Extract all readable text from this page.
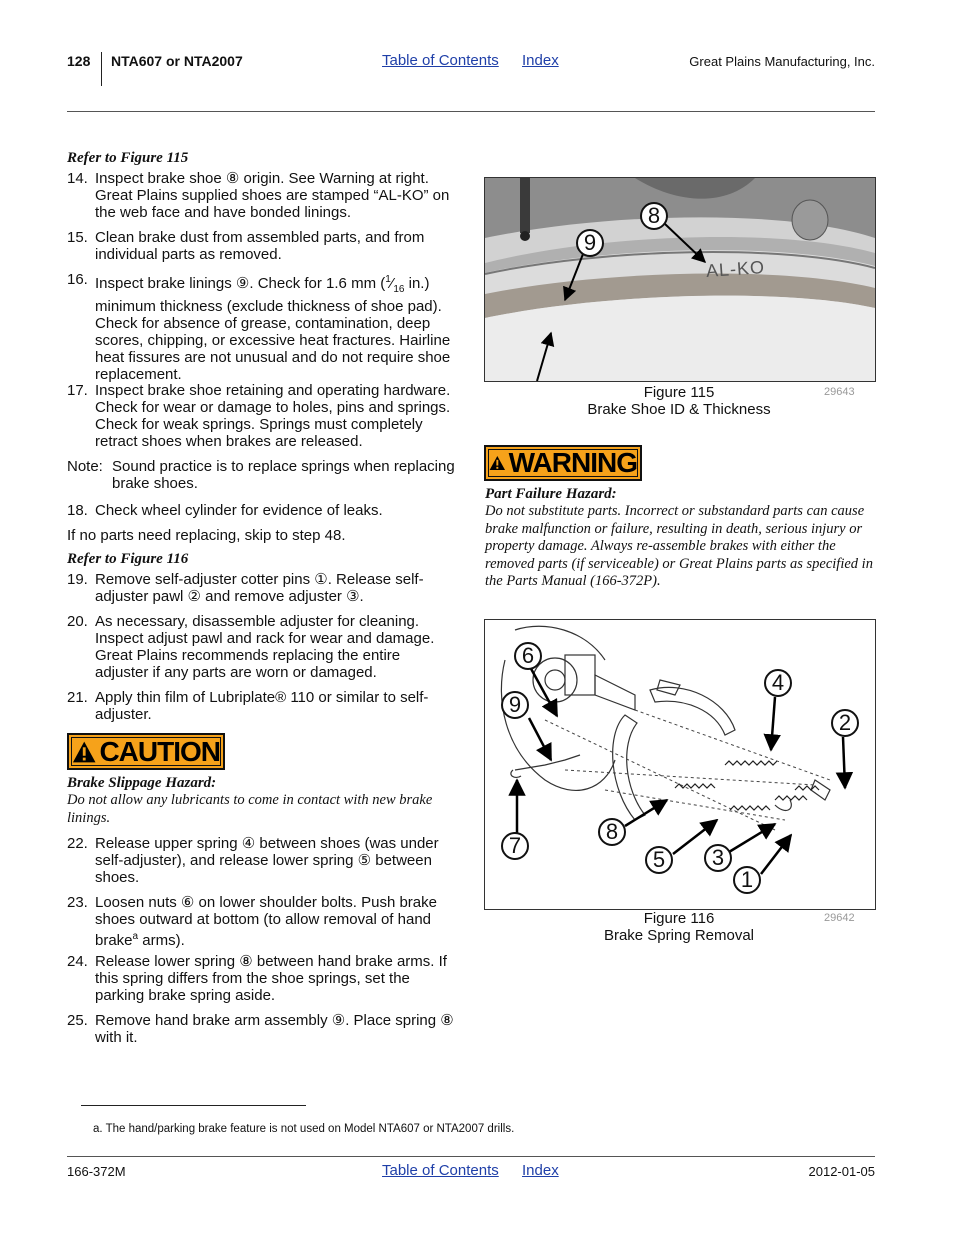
128 NTA607 or NTA2007	Table of Contents Index	Great Plains Manufacturing, Inc.
Refer to Figure 115
14. Inspect brake shoe ⑧ origin. See Warning at right. Great Plains supplied shoes are stamped “AL-KO” on the web face and have bonded linings.
15. Clean brake dust from assembled parts, and from individual parts as removed.
16. Inspect brake linings ⑨. Check for 1.6 mm ($^1⁄_{16}$ in.) minimum thickness (exclude thickness of shoe pad). Check for absence of grease, contamination, deep scores, chipping, or excessive heat fractures. Hairline heat fissures are not unusual and do not require shoe replacement.
17. Inspect brake shoe retaining and operating hardware. Check for wear or damage to holes, pins and springs. Check for weak springs. Springs must completely retract shoes when brakes are released.
Note: Sound practice is to replace springs when replacing brake shoes.
18. Check wheel cylinder for evidence of leaks.
If no parts need replacing, skip to step 48.
Refer to Figure 116
19. Remove self-adjuster cotter pins ①. Release self-adjuster pawl ② and remove adjuster ③.
20. As necessary, disassemble adjuster for cleaning. Inspect adjust pawl and rack for wear and damage. Great Plains recommends replacing the entire adjuster if any parts are worn or damaged.
21. Apply thin film of Lubriplate® 110 or similar to self-adjuster.
CAUTION
Brake Slippage Hazard:
Do not allow any lubricants to come in contact with new brake linings.
22. Release upper spring ④ between shoes (was under self-adjuster), and release lower spring ⑤ between shoes.
23. Loosen nuts ⑥ on lower shoulder bolts. Push brake shoes outward at bottom (to allow removal of hand brake$^a$ arms).
24. Release lower spring ⑧ between hand brake arms. If this spring differs from the shoe springs, set the parking brake spring aside.
25. Remove hand brake arm assembly ⑨. Place spring ⑧ with it.
AL-KO
8
9
Figure 115
Brake Shoe ID & Thickness
29643
WARNING
Part Failure Hazard:
Do not substitute parts. Incorrect or substandard parts can cause brake malfunction or failure, resulting in death, serious injury or property damage. Always re-assemble brakes with either the removed parts (if serviceable) or Great Plains parts as specified in the Parts Manual (166-372P).
6
9
4
2
7
8
5	3
1
Figure 116
Brake Spring Removal
29642
a. The hand/parking brake feature is not used on Model NTA607 or NTA2007 drills.
166-372M	Table of Contents Index	2012-01-05
